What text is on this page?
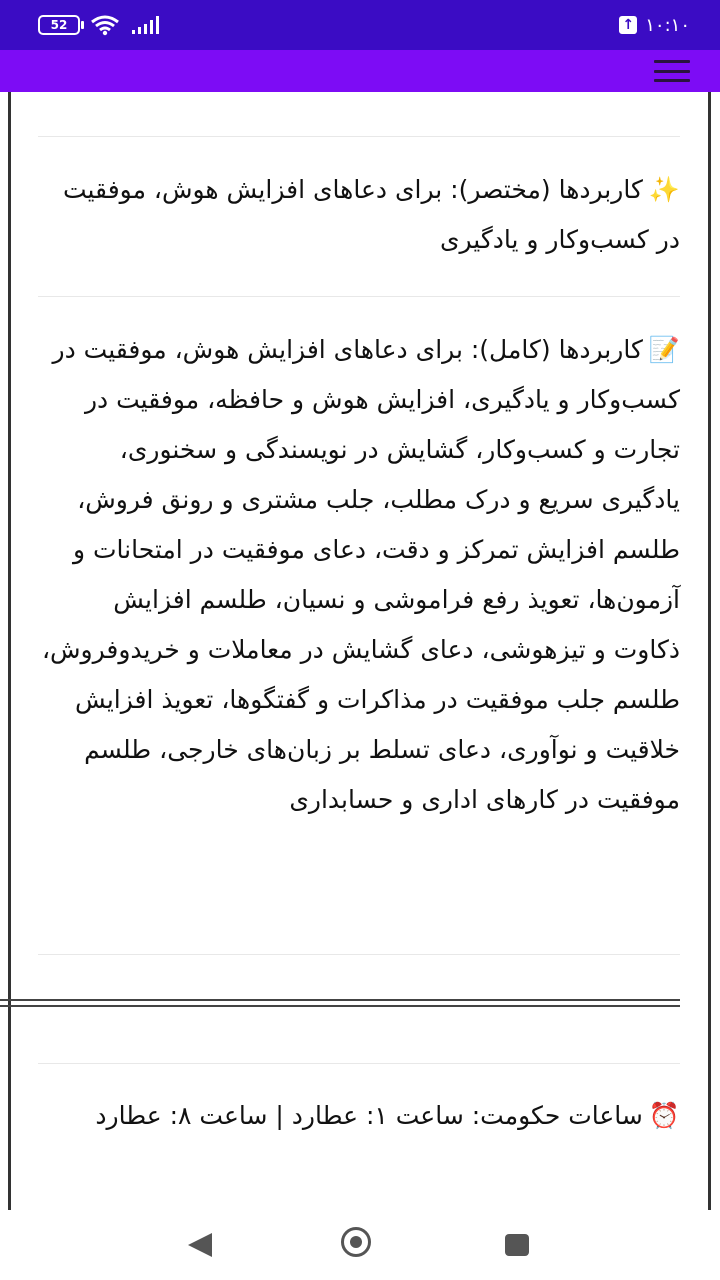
52	↑ ۱۰:۱۰
✨کاربردها (مختصر): برای دعاهای افزایش هوش، موفقیت در کسب‌وکار و یادگیری
📝کاربردها (کامل): برای دعاهای افزایش هوش، موفقیت در کسب‌وکار و یادگیری، افزایش هوش و حافظه، موفقیت در تجارت و کسب‌وکار، گشایش در نویسندگی و سخنوری، یادگیری سریع و درک مطلب، جلب مشتری و رونق فروش، طلسم افزایش تمرکز و دقت، دعای موفقیت در امتحانات و آزمون‌ها، تعویذ رفع فراموشی و نسیان، طلسم افزایش ذکاوت و تیزهوشی، دعای گشایش در معاملات و خریدوفروش، طلسم جلب موفقیت در مذاکرات و گفتگوها، تعویذ افزایش خلاقیت و نوآوری، دعای تسلط بر زبان‌های خارجی، طلسم موفقیت در کارهای اداری و حسابداری
⏰ساعات حکومت: ساعت ۱: عطارد | ساعت ۸: عطارد
